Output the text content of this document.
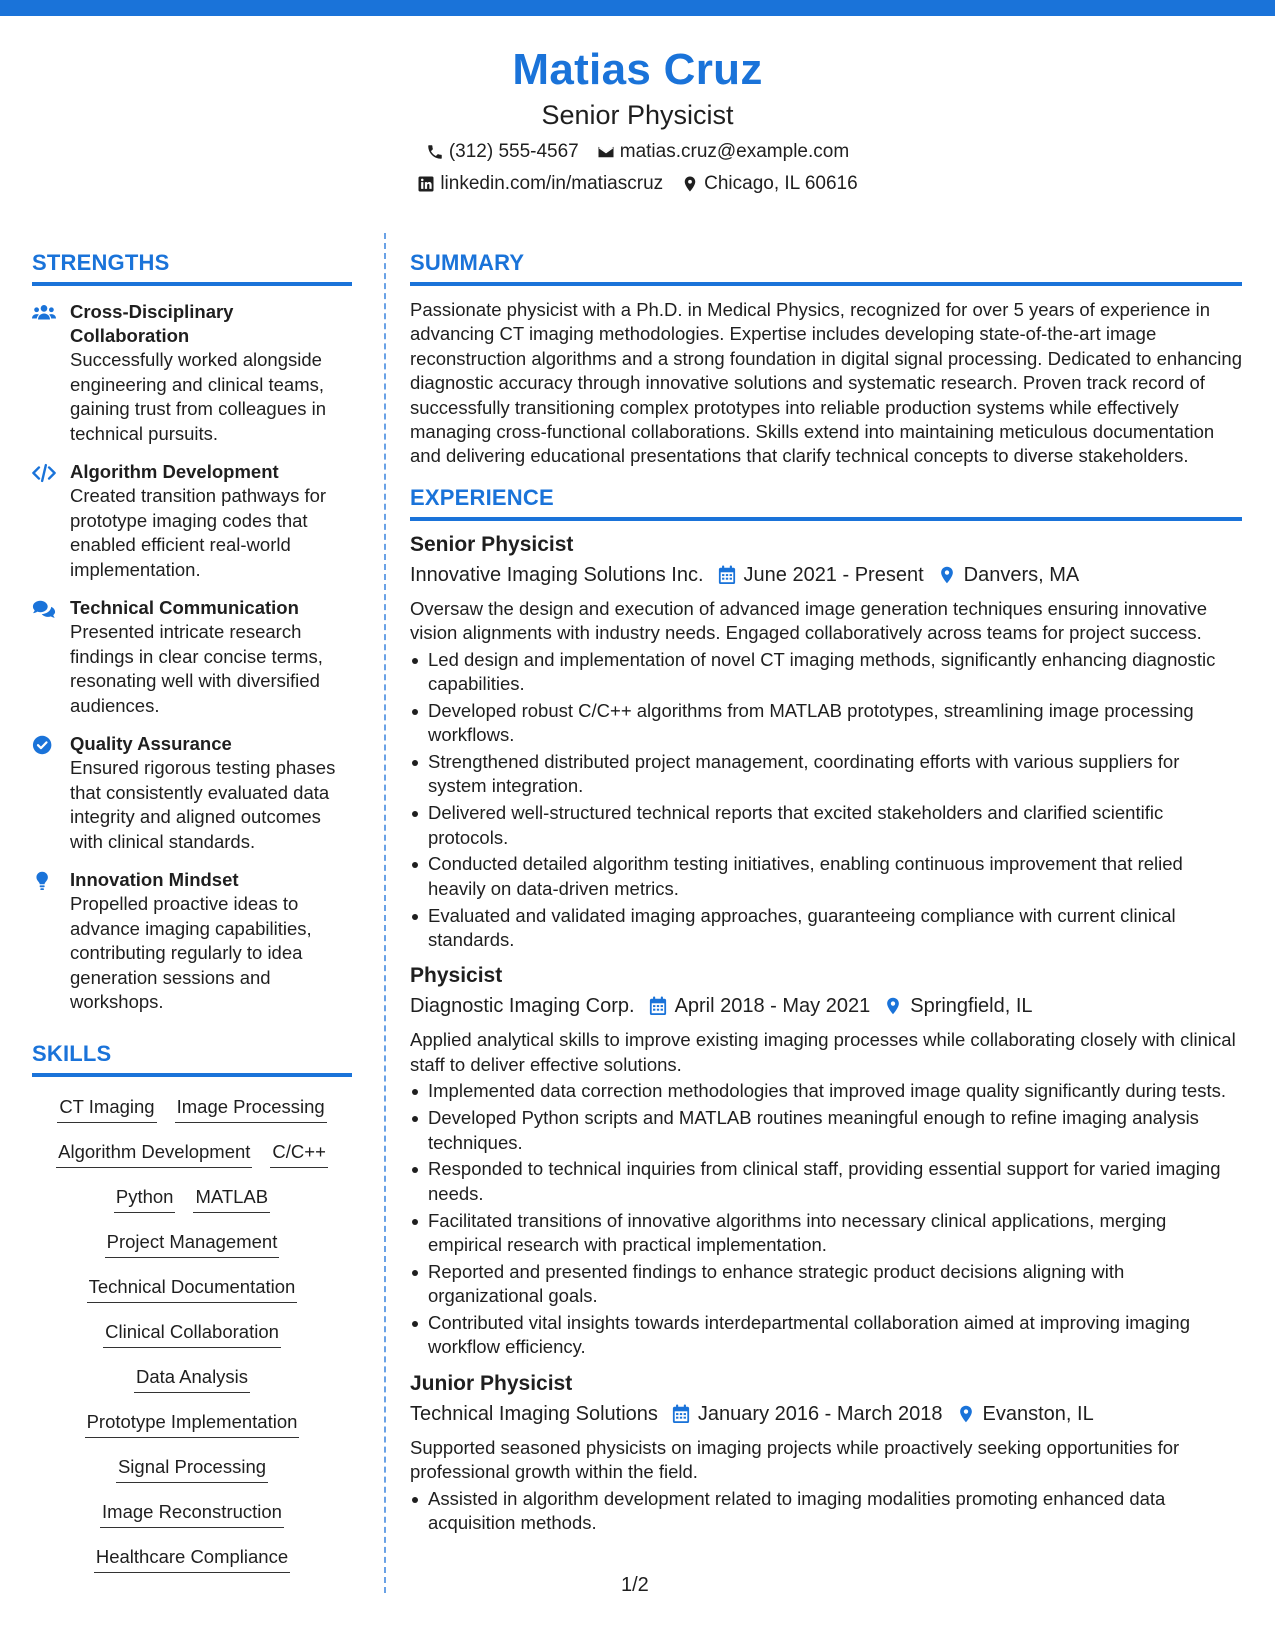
Matias Cruz
Senior Physicist
(312) 555-4567 matias.cruz@example.com
linkedin.com/in/matiascruz Chicago, IL 60616
STRENGTHS
Cross-Disciplinary Collaboration
Successfully worked alongside engineering and clinical teams, gaining trust from colleagues in technical pursuits.
Algorithm Development
Created transition pathways for prototype imaging codes that enabled efficient real-world implementation.
Technical Communication
Presented intricate research findings in clear concise terms, resonating well with diversified audiences.
Quality Assurance
Ensured rigorous testing phases that consistently evaluated data integrity and aligned outcomes with clinical standards.
Innovation Mindset
Propelled proactive ideas to advance imaging capabilities, contributing regularly to idea generation sessions and workshops.
SKILLS
CT Imaging Image Processing
Algorithm Development C/C++
Python MATLAB
Project Management
Technical Documentation
Clinical Collaboration
Data Analysis
Prototype Implementation
Signal Processing
Image Reconstruction
Healthcare Compliance
SUMMARY
Passionate physicist with a Ph.D. in Medical Physics, recognized for over 5 years of experience in advancing CT imaging methodologies. Expertise includes developing state-of-the-art image reconstruction algorithms and a strong foundation in digital signal processing. Dedicated to enhancing diagnostic accuracy through innovative solutions and systematic research. Proven track record of successfully transitioning complex prototypes into reliable production systems while effectively managing cross-functional collaborations. Skills extend into maintaining meticulous documentation and delivering educational presentations that clarify technical concepts to diverse stakeholders.
EXPERIENCE
Senior Physicist
Innovative Imaging Solutions Inc. June 2021 - Present Danvers, MA
Oversaw the design and execution of advanced image generation techniques ensuring innovative vision alignments with industry needs. Engaged collaboratively across teams for project success.
Led design and implementation of novel CT imaging methods, significantly enhancing diagnostic capabilities.
Developed robust C/C++ algorithms from MATLAB prototypes, streamlining image processing workflows.
Strengthened distributed project management, coordinating efforts with various suppliers for system integration.
Delivered well-structured technical reports that excited stakeholders and clarified scientific protocols.
Conducted detailed algorithm testing initiatives, enabling continuous improvement that relied heavily on data-driven metrics.
Evaluated and validated imaging approaches, guaranteeing compliance with current clinical standards.
Physicist
Diagnostic Imaging Corp. April 2018 - May 2021 Springfield, IL
Applied analytical skills to improve existing imaging processes while collaborating closely with clinical staff to deliver effective solutions.
Implemented data correction methodologies that improved image quality significantly during tests.
Developed Python scripts and MATLAB routines meaningful enough to refine imaging analysis techniques.
Responded to technical inquiries from clinical staff, providing essential support for varied imaging needs.
Facilitated transitions of innovative algorithms into necessary clinical applications, merging empirical research with practical implementation.
Reported and presented findings to enhance strategic product decisions aligning with organizational goals.
Contributed vital insights towards interdepartmental collaboration aimed at improving imaging workflow efficiency.
Junior Physicist
Technical Imaging Solutions January 2016 - March 2018 Evanston, IL
Supported seasoned physicists on imaging projects while proactively seeking opportunities for professional growth within the field.
Assisted in algorithm development related to imaging modalities promoting enhanced data acquisition methods.
1/2
